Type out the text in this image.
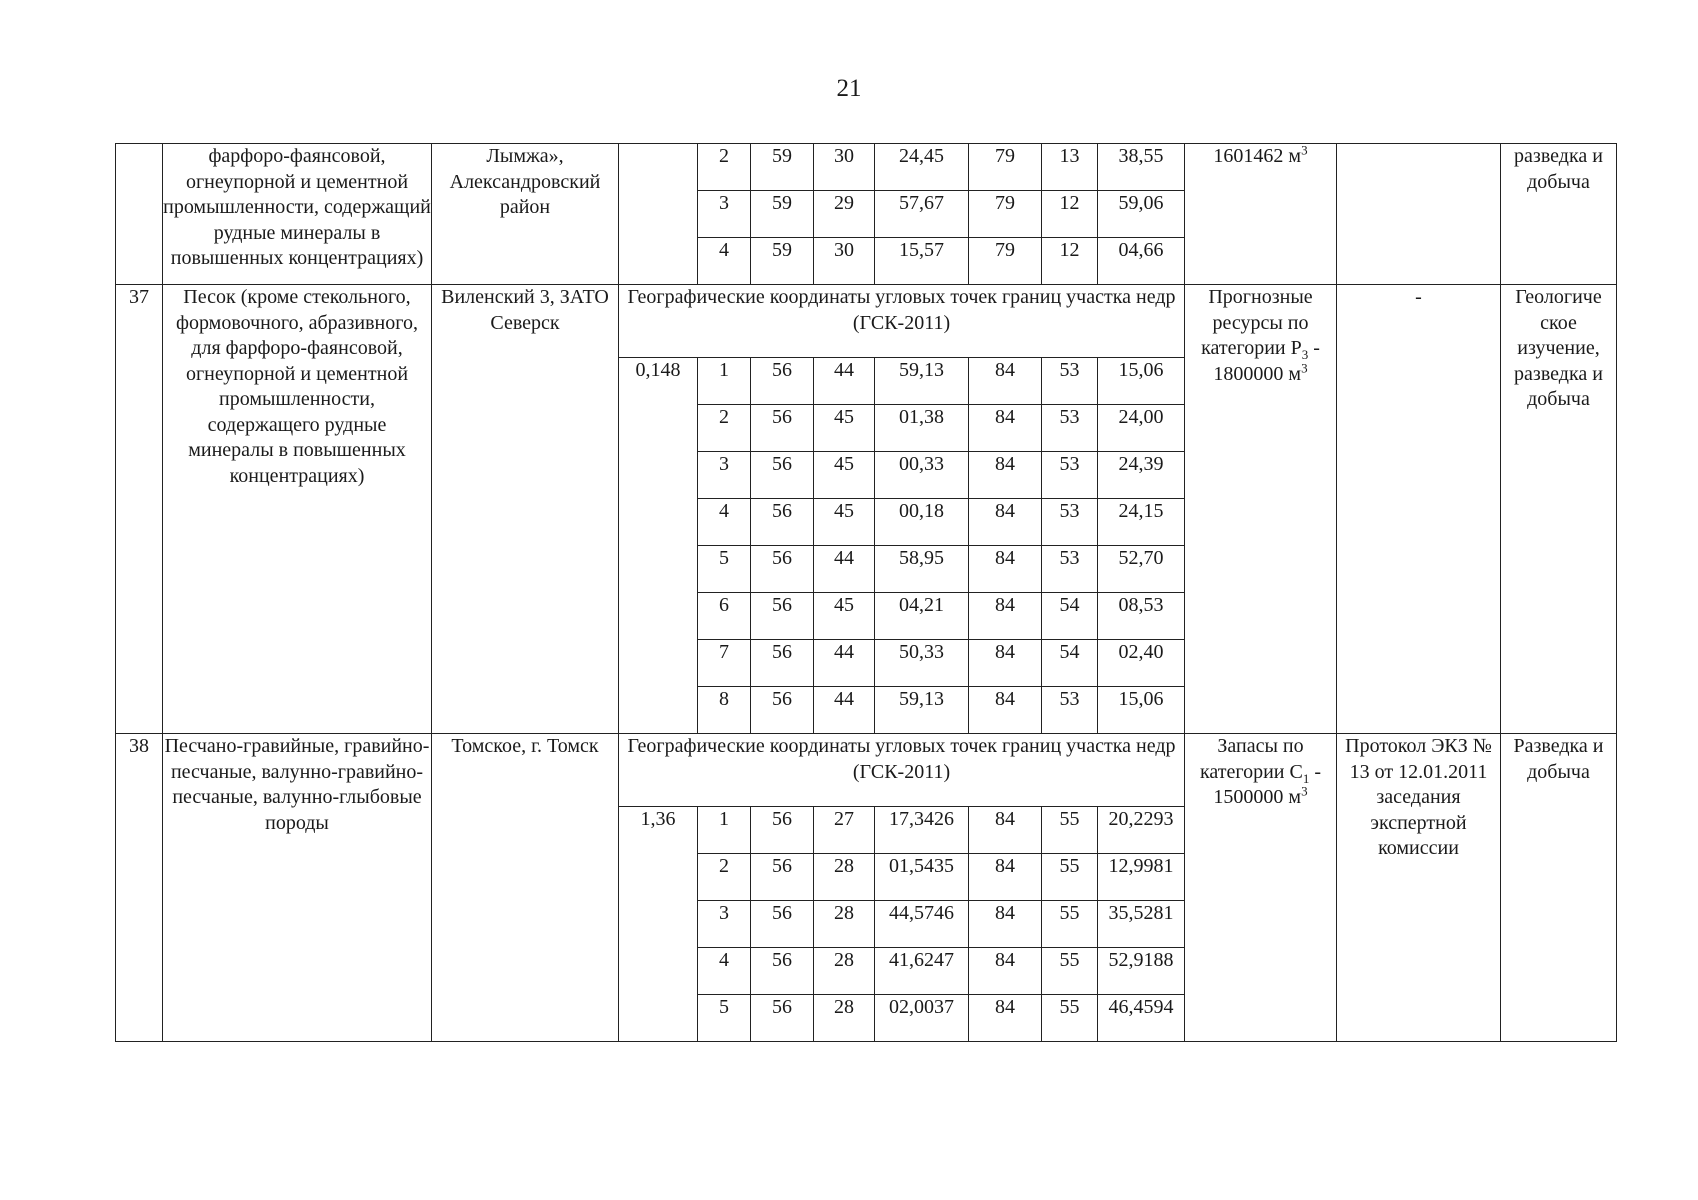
21
	фарфоро-фаянсовой, огнеупорной и цементной промышленности, содержащий рудные минералы в повышенных концентрациях)	Лымжа», Александровский район		2	59	30	24,45	79	13	38,55	1601462 $м^3$		разведка и добыча
				3	59	29	57,67	79	12	59,06			
				4	59	30	15,57	79	12	04,66			
37	Песок (кроме стекольного, формовочного, абразивного, для фарфоро-фаянсовой, огнеупорной и цементной промышленности, содержащего рудные минералы в повышенных концентрациях)	Виленский 3, ЗАТО Северск	Географические координаты угловых точек границ участка недр (ГСК-2011)								Прогнозные ресурсы по категории $Р_3 - 1800000$ $м^3$	-	Геологиче ское изучение, разведка и добыча
			0,148	1	56	44	59,13	84	53	15,06			
				2	56	45	01,38	84	53	24,00			
				3	56	45	00,33	84	53	24,39			
				4	56	45	00,18	84	53	24,15			
				5	56	44	58,95	84	53	52,70			
				6	56	45	04,21	84	54	08,53			
				7	56	44	50,33	84	54	02,40			
				8	56	44	59,13	84	53	15,06			
38	Песчано-гравийные, гравийно-песчаные, валунно-гравийно-песчаные, валунно-глыбовые породы	Томское, г. Томск	Географические координаты угловых точек границ участка недр (ГСК-2011)								Запасы по категории $С_1 - 1500000$ $м^3$	Протокол ЭКЗ № 13 от 12.01.2011 заседания экспертной комиссии	Разведка и добыча
			1,36	1	56	27	17,3426	84	55	20,2293			
				2	56	28	01,5435	84	55	12,9981			
				3	56	28	44,5746	84	55	35,5281			
				4	56	28	41,6247	84	55	52,9188			
				5	56	28	02,0037	84	55	46,4594			
